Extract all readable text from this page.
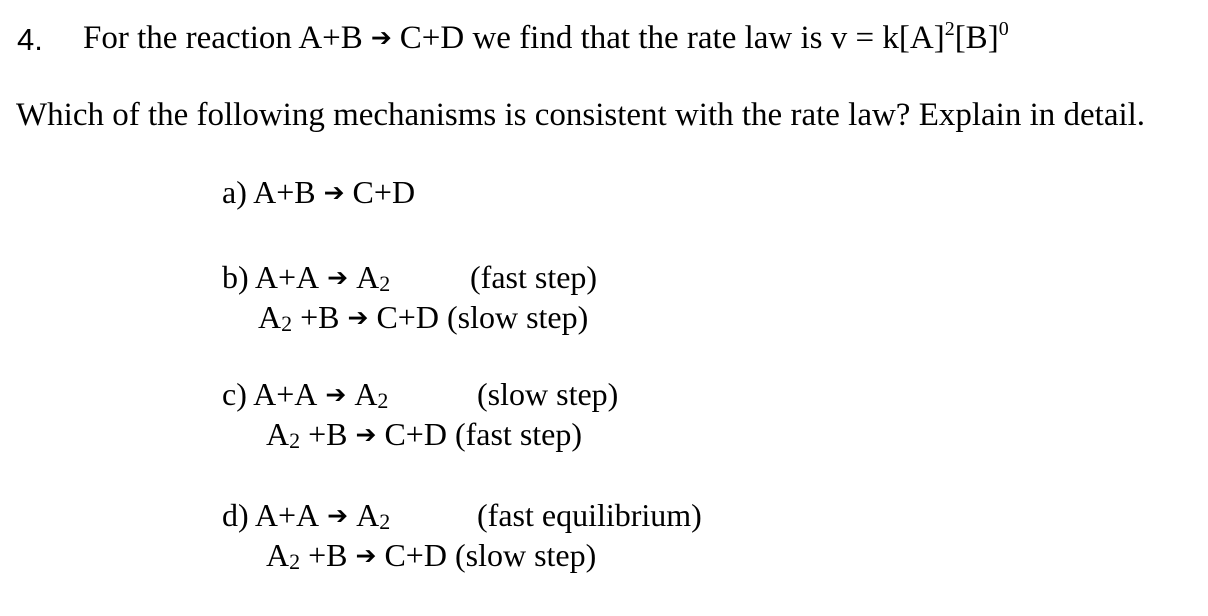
4. For the reaction A+B ➔ C+D we find that the rate law is $v = k[A]^2[B]^0$
Which of the following mechanisms is consistent with the rate law? Explain in detail.
a) A+B ➔ C+D
b) A+A ➔ A2 (fast step)
A2 +B ➔ C+D (slow step)
c) A+A ➔ A2	(slow step)
A2 +B ➔ C+D (fast step)
d) A+A ➔ A2	(fast equilibrium)
A2 +B ➔ C+D (slow step)
